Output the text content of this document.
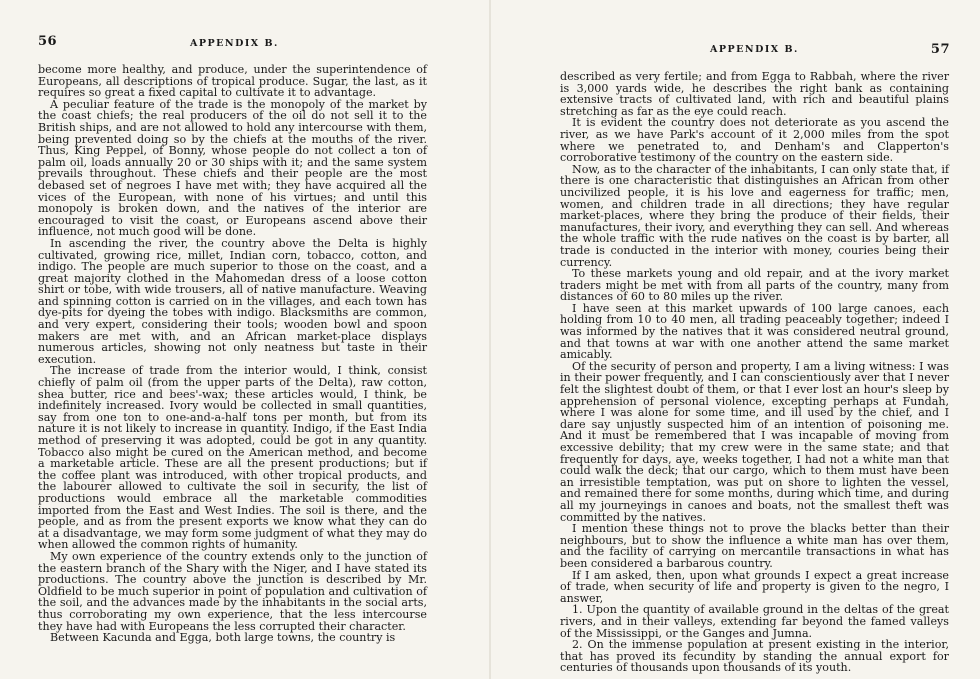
56	APPENDIX B.

become more healthy, and produce, under the superintendence of Europeans, all descriptions of tropical produce. Sugar, the last, as it requires so great a fixed capital to cultivate it to advantage.

A peculiar feature of the trade is the monopoly of the market by the coast chiefs; the real producers of the oil do not sell it to the British ships, and are not allowed to hold any intercourse with them, being prevented doing so by the chiefs at the mouths of the river. Thus, King Peppel, of Bonny, whose people do not collect a ton of palm oil, loads annually 20 or 30 ships with it; and the same system prevails throughout. These chiefs and their people are the most debased set of negroes I have met with; they have acquired all the vices of the European, with none of his virtues; and until this monopoly is broken down, and the natives of the interior are encouraged to visit the coast, or Europeans ascend above their influence, not much good will be done.

In ascending the river, the country above the Delta is highly cultivated, growing rice, millet, Indian corn, tobacco, cotton, and indigo. The people are much superior to those on the coast, and a great majority clothed in the Mahomedan dress of a loose cotton shirt or tobe, with wide trousers, all of native manufacture. Weaving and spinning cotton is carried on in the villages, and each town has dye-pits for dyeing the tobes with indigo. Blacksmiths are common, and very expert, considering their tools; wooden bowl and spoon makers are met with, and an African market-place displays numerous articles, showing not only neatness but taste in their execution.

The increase of trade from the interior would, I think, consist chiefly of palm oil (from the upper parts of the Delta), raw cotton, shea butter, rice and bees'-wax; these articles would, I think, be indefinitely increased. Ivory would be collected in small quantities, say from one ton to one-and-a-half tons per month, but from its nature it is not likely to increase in quantity. Indigo, if the East India method of preserving it was adopted, could be got in any quantity. Tobacco also might be cured on the American method, and become a marketable article. These are all the present productions; but if the coffee plant was introduced, with other tropical products, and the labourer allowed to cultivate the soil in security, the list of productions would embrace all the marketable commodities imported from the East and West Indies. The soil is there, and the people, and as from the present exports we know what they can do at a disadvantage, we may form some judgment of what they may do when allowed the common rights of humanity.

My own experience of the country extends only to the junction of the eastern branch of the Shary with the Niger, and I have stated its productions. The country above the junction is described by Mr. Oldfield to be much superior in point of population and cultivation of the soil, and the advances made by the inhabitants in the social arts, thus corroborating my own experience, that the less intercourse they have had with Europeans the less corrupted their character.

Between Kacunda and Egga, both large towns, the country is

APPENDIX B.	57

described as very fertile; and from Egga to Rabbah, where the river is 3,000 yards wide, he describes the right bank as containing extensive tracts of cultivated land, with rich and beautiful plains stretching as far as the eye could reach.

It is evident the country does not deteriorate as you ascend the river, as we have Park's account of it 2,000 miles from the spot where we penetrated to, and Denham's and Clapperton's corroborative testimony of the country on the eastern side.

Now, as to the character of the inhabitants, I can only state that, if there is one characteristic that distinguishes an African from other uncivilized people, it is his love and eagerness for traffic; men, women, and children trade in all directions; they have regular market-places, where they bring the produce of their fields, their manufactures, their ivory, and everything they can sell. And whereas the whole traffic with the rude natives on the coast is by barter, all trade is conducted in the interior with money, couries being their currency.

To these markets young and old repair, and at the ivory market traders might be met with from all parts of the country, many from distances of 60 to 80 miles up the river.

I have seen at this market upwards of 100 large canoes, each holding from 10 to 40 men, all trading peaceably together; indeed I was informed by the natives that it was considered neutral ground, and that towns at war with one another attend the same market amicably.

Of the security of person and property, I am a living witness: I was in their power frequently, and I can conscientiously aver that I never felt the slightest doubt of them, or that I ever lost an hour's sleep by apprehension of personal violence, excepting perhaps at Fundah, where I was alone for some time, and ill used by the chief, and I dare say unjustly suspected him of an intention of poisoning me. And it must be remembered that I was incapable of moving from excessive debility; that my crew were in the same state; and that frequently for days, aye, weeks together, I had not a white man that could walk the deck; that our cargo, which to them must have been an irresistible temptation, was put on shore to lighten the vessel, and remained there for some months, during which time, and during all my journeyings in canoes and boats, not the smallest theft was committed by the natives.

I mention these things not to prove the blacks better than their neighbours, but to show the influence a white man has over them, and the facility of carrying on mercantile transactions in what has been considered a barbarous country.

If I am asked, then, upon what grounds I expect a great increase of trade, when security of life and property is given to the negro, I answer,

1. Upon the quantity of available ground in the deltas of the great rivers, and in their valleys, extending far beyond the famed valleys of the Mississippi, or the Ganges and Jumna.

2. On the immense population at present existing in the interior, that has proved its fecundity by standing the annual export for centuries of thousands upon thousands of its youth.
